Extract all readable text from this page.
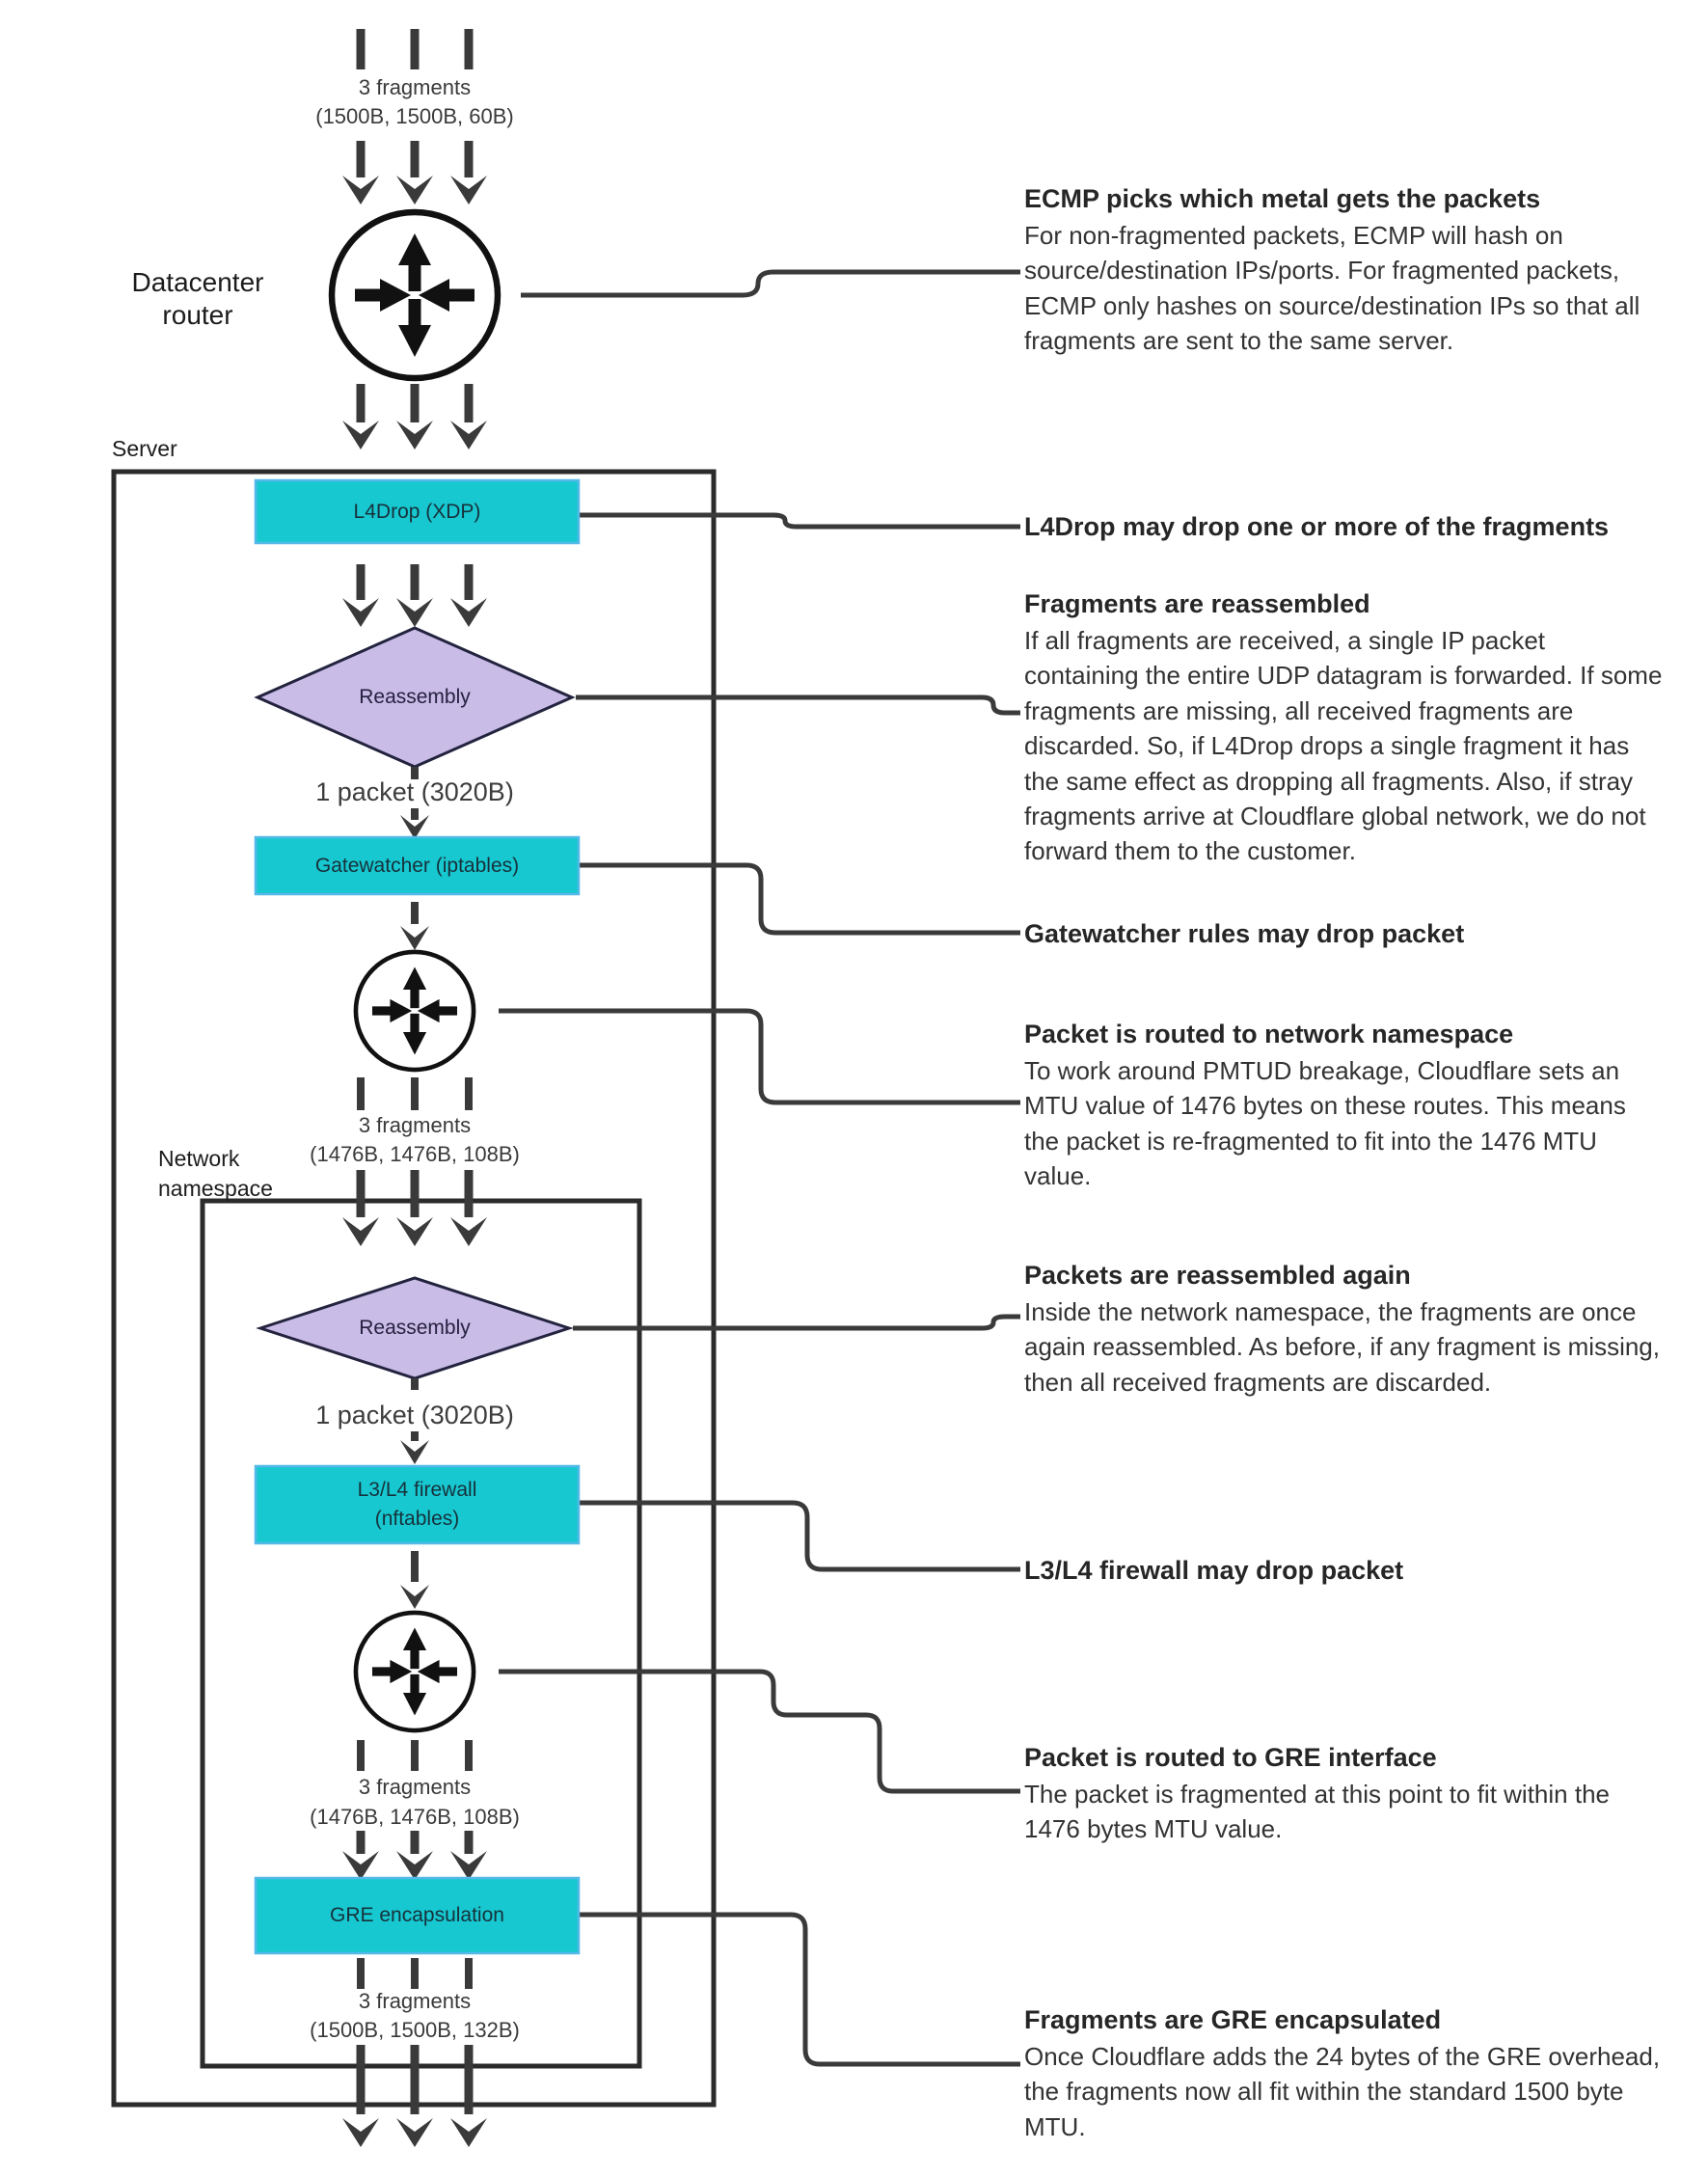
3 fragments
(1500B, 1500B, 60B)
Datacenter router
Server
L4Drop (XDP)
Reassembly
1 packet (3020B)
Gatewatcher (iptables)
3 fragments
(1476B, 1476B, 108B)
Network namespace
Reassembly
1 packet (3020B)
L3/L4 firewall (nftables)
3 fragments
(1476B, 1476B, 108B)
GRE encapsulation
3 fragments
(1500B, 1500B, 132B)
ECMP picks which metal gets the packets

For non-fragmented packets, ECMP will hash on source/destination IPs/ports. For fragmented packets, ECMP only hashes on source/destination IPs so that all fragments are sent to the same server.

L4Drop may drop one or more of the fragments
Fragments are reassembled

If all fragments are received, a single IP packet containing the entire UDP datagram is forwarded. If some fragments are missing, all received fragments are discarded. So, if L4Drop drops a single fragment it has the same effect as dropping all fragments. Also, if stray fragments arrive at Cloudflare global network, we do not forward them to the customer.

Gatewatcher rules may drop packet
Packet is routed to network namespace

To work around PMTUD breakage, Cloudflare sets an MTU value of 1476 bytes on these routes. This means the packet is re-fragmented to fit into the 1476 MTU value.

Packets are reassembled again

Inside the network namespace, the fragments are once again reassembled. As before, if any fragment is missing, then all received fragments are discarded.

L3/L4 firewall may drop packet
Packet is routed to GRE interface

The packet is fragmented at this point to fit within the 1476 bytes MTU value.

Fragments are GRE encapsulated

Once Cloudflare adds the 24 bytes of the GRE overhead, the fragments now all fit within the standard 1500 byte MTU.
